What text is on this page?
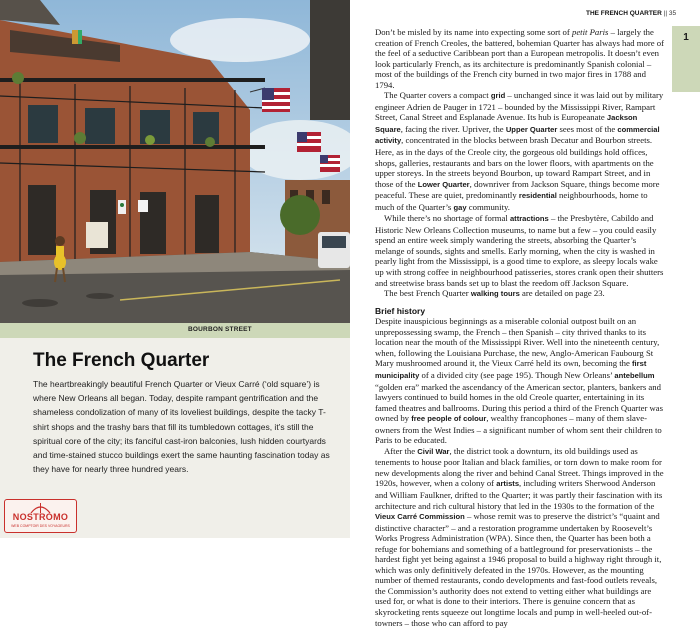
BOURBON STREET
The French Quarter

The heartbreakingly beautiful French Quarter or Vieux Carré (‘old square’) is where New Orleans all began. Today, despite rampant gentrification and the shameless condolization of many of its loveliest buildings, despite the tacky T-shirt shops and the trashy bars that fill its tumbledown cottages, it’s still the spiritual core of the city; its fanciful cast-iron balconies, lush hidden courtyards and time-stained stucco buildings exert the same haunting fascination today as they have for nearly three hundred years.

NOSTROMO
WEB COMPTOIR DES VOYAGEURS
THE FRENCH QUARTER || 35
1

Don’t be misled by its name into expecting some sort of petit Paris – largely the creation of French Creoles, the battered, bohemian Quarter has always had more of the feel of a seductive Caribbean port than a European metropolis. It doesn’t even look particularly French, as its architecture is predominantly Spanish colonial – most of the buildings of the French city burned in two major fires in 1788 and 1794.

The Quarter covers a compact grid – unchanged since it was laid out by military engineer Adrien de Pauger in 1721 – bounded by the Mississippi River, Rampart Street, Canal Street and Esplanade Avenue. Its hub is Europeanate Jackson Square, facing the river. Upriver, the Upper Quarter sees most of the commercial activity, concentrated in the blocks between brash Decatur and Bourbon streets. Here, as in the days of the Creole city, the gorgeous old buildings hold offices, shops, galleries, restaurants and bars on the lower floors, with apartments on the upper storeys. In the streets beyond Bourbon, up toward Rampart Street, and in those of the Lower Quarter, downriver from Jackson Square, things become more peaceful. These are quiet, predominantly residential neighbourhoods, home to much of the Quarter’s gay community.

While there’s no shortage of formal attractions – the Presbytère, Cabildo and Historic New Orleans Collection museums, to name but a few – you could easily spend an entire week simply wandering the streets, absorbing the Quarter’s melange of sounds, sights and smells. Early morning, when the city is washed in pearly light from the Mississippi, is a good time to explore, as sleepy locals wake up with strong coffee in neighbourhood patisseries, stores crank open their shutters and streetwise brass bands set up to blast the reedom off Jackson Square.

The best French Quarter walking tours are detailed on page 23.

Brief history

Despite inauspicious beginnings as a miserable colonial outpost built on an unprepossessing swamp, the French – then Spanish – city thrived thanks to its location near the mouth of the Mississippi River. Well into the nineteenth century, when, following the Louisiana Purchase, the new, Anglo-American Faubourg St Mary mushroomed around it, the Vieux Carré held its own, becoming the first municipality of a divided city (see page 195). Though New Orleans’ antebellum “golden era” marked the ascendancy of the American sector, planters, bankers and lawyers continued to build homes in the old Creole quarter, entertaining in its famed theatres and ballrooms. During this period a third of the French Quarter was owned by free people of colour, wealthy francophones – many of them slave-owners from the West Indies – a significant number of whom sent their children to Paris to be educated.

After the Civil War, the district took a downturn, its old buildings used as tenements to house poor Italian and black families, or torn down to make room for new developments along the river and behind Canal Street. Things improved in the 1920s, however, when a colony of artists, including writers Sherwood Anderson and William Faulkner, drifted to the Quarter; it was partly their fascination with its architecture and rich cultural history that led in the 1930s to the formation of the Vieux Carré Commission – whose remit was to preserve the district’s “quaint and distinctive character” – and a restoration programme undertaken by Roosevelt’s Works Progress Administration (WPA). Since then, the Quarter has been both a refuge for bohemians and something of a battleground for preservationists – the hardest fight yet being against a 1946 proposal to build a highway right through it, which was only definitively defeated in the 1970s. However, as the mounting number of themed restaurants, condo developments and fast-food outlets reveals, the Commission’s authority does not extend to vetting either what buildings are used for, or what is done to their interiors. There is genuine concern that as skyrocketing rents squeeze out longtime locals and pump in well-heeled out-of-towners – those who can afford to pay
